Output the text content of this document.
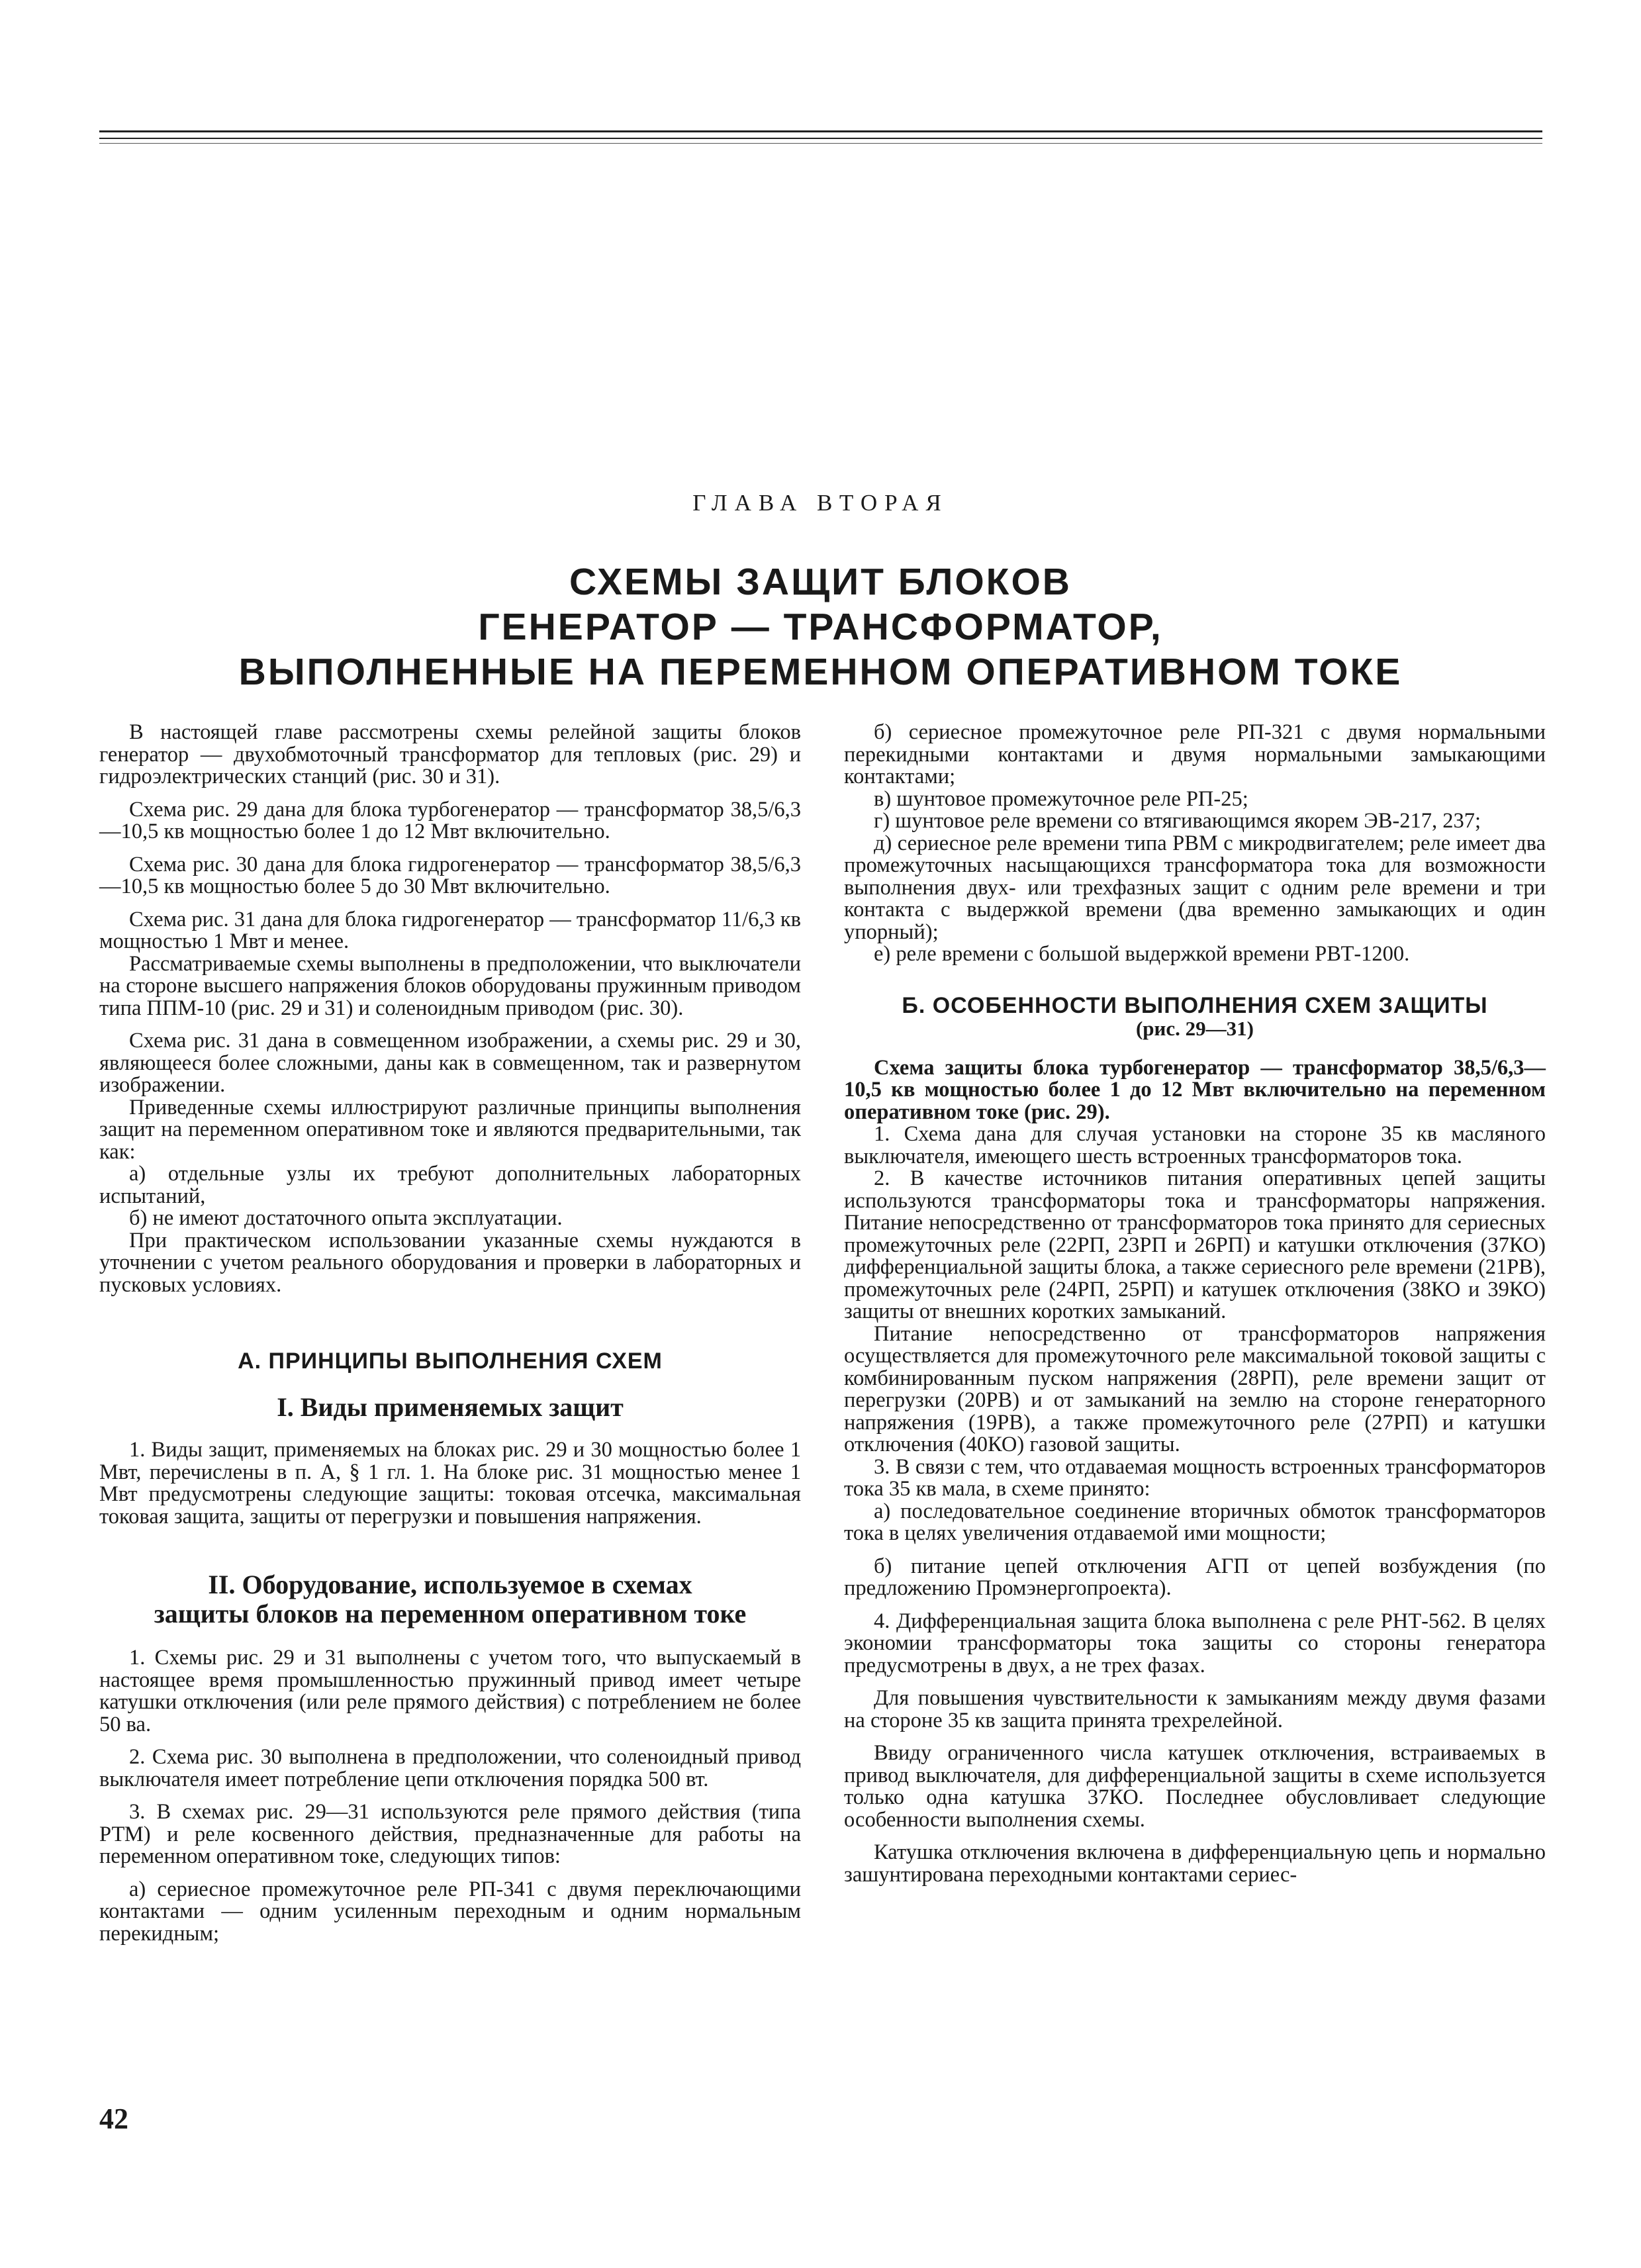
ГЛАВА ВТОРАЯ
СХЕМЫ ЗАЩИТ БЛОКОВ
ГЕНЕРАТОР — ТРАНСФОРМАТОР,
ВЫПОЛНЕННЫЕ НА ПЕРЕМЕННОМ ОПЕРАТИВНОМ ТОКЕ

В настоящей главе рассмотрены схемы релейной защиты блоков генератор — двухобмоточный трансформатор для тепловых (рис. 29) и гидроэлектрических станций (рис. 30 и 31).

Схема рис. 29 дана для блока турбогенератор — трансформатор 38,5/6,3—10,5 кв мощностью более 1 до 12 Мвт включительно.

Схема рис. 30 дана для блока гидрогенератор — трансформатор 38,5/6,3—10,5 кв мощностью более 5 до 30 Мвт включительно.

Схема рис. 31 дана для блока гидрогенератор — трансформатор 11/6,3 кв мощностью 1 Мвт и менее.

Рассматриваемые схемы выполнены в предположении, что выключатели на стороне высшего напряжения блоков оборудованы пружинным приводом типа ППМ-10 (рис. 29 и 31) и соленоидным приводом (рис. 30).

Схема рис. 31 дана в совмещенном изображении, а схемы рис. 29 и 30, являющееся более сложными, даны как в совмещенном, так и развернутом изображении.

Приведенные схемы иллюстрируют различные принципы выполнения защит на переменном оперативном токе и являются предварительными, так как:

а) отдельные узлы их требуют дополнительных лабораторных испытаний,

б) не имеют достаточного опыта эксплуатации.

При практическом использовании указанные схемы нуждаются в уточнении с учетом реального оборудования и проверки в лабораторных и пусковых условиях.

А. ПРИНЦИПЫ ВЫПОЛНЕНИЯ СХЕМ
I. Виды применяемых защит

1. Виды защит, применяемых на блоках рис. 29 и 30 мощностью более 1 Мвт, перечислены в п. А, § 1 гл. 1. На блоке рис. 31 мощностью менее 1 Мвт предусмотрены следующие защиты: токовая отсечка, максимальная токовая защита, защиты от перегрузки и повышения напряжения.

II. Оборудование, используемое в схемах
защиты блоков на переменном оперативном токе

1. Схемы рис. 29 и 31 выполнены с учетом того, что выпускаемый в настоящее время промышленностью пружинный привод имеет четыре катушки отключения (или реле прямого действия) с потреблением не более 50 ва.

2. Схема рис. 30 выполнена в предположении, что соленоидный привод выключателя имеет потребление цепи отключения порядка 500 вт.

3. В схемах рис. 29—31 используются реле прямого действия (типа РТМ) и реле косвенного действия, предназначенные для работы на переменном оперативном токе, следующих типов:

а) сериесное промежуточное реле РП-341 с двумя переключающими контактами — одним усиленным переходным и одним нормальным перекидным;

б) сериесное промежуточное реле РП-321 с двумя нормальными перекидными контактами и двумя нормальными замыкающими контактами;

в) шунтовое промежуточное реле РП-25;

г) шунтовое реле времени со втягивающимся якорем ЭВ-217, 237;

д) сериесное реле времени типа РВМ с микродвигателем; реле имеет два промежуточных насыщающихся трансформатора тока для возможности выполнения двух- или трехфазных защит с одним реле времени и три контакта с выдержкой времени (два временно замыкающих и один упорный);

е) реле времени с большой выдержкой времени РВТ-1200.

Б. ОСОБЕННОСТИ ВЫПОЛНЕНИЯ СХЕМ ЗАЩИТЫ
(рис. 29—31)

Схема защиты блока турбогенератор — трансформатор 38,5/6,3—10,5 кв мощностью более 1 до 12 Мвт включительно на переменном оперативном токе (рис. 29).

1. Схема дана для случая установки на стороне 35 кв масляного выключателя, имеющего шесть встроенных трансформаторов тока.

2. В качестве источников питания оперативных цепей защиты используются трансформаторы тока и трансформаторы напряжения. Питание непосредственно от трансформаторов тока принято для сериесных промежуточных реле (22РП, 23РП и 26РП) и катушки отключения (37КО) дифференциальной защиты блока, а также сериесного реле времени (21РВ), промежуточных реле (24РП, 25РП) и катушек отключения (38КО и 39КО) защиты от внешних коротких замыканий.

Питание непосредственно от трансформаторов напряжения осуществляется для промежуточного реле максимальной токовой защиты с комбинированным пуском напряжения (28РП), реле времени защит от перегрузки (20РВ) и от замыканий на землю на стороне генераторного напряжения (19РВ), а также промежуточного реле (27РП) и катушки отключения (40КО) газовой защиты.

3. В связи с тем, что отдаваемая мощность встроенных трансформаторов тока 35 кв мала, в схеме принято:

а) последовательное соединение вторичных обмоток трансформаторов тока в целях увеличения отдаваемой ими мощности;

б) питание цепей отключения АГП от цепей возбуждения (по предложению Промэнергопроекта).

4. Дифференциальная защита блока выполнена с реле РНТ-562. В целях экономии трансформаторы тока защиты со стороны генератора предусмотрены в двух, а не трех фазах.

Для повышения чувствительности к замыканиям между двумя фазами на стороне 35 кв защита принята трехрелейной.

Ввиду ограниченного числа катушек отключения, встраиваемых в привод выключателя, для дифференциальной защиты в схеме используется только одна катушка 37КО. Последнее обусловливает следующие особенности выполнения схемы.

Катушка отключения включена в дифференциальную цепь и нормально зашунтирована переходными контактами сериес-

42
